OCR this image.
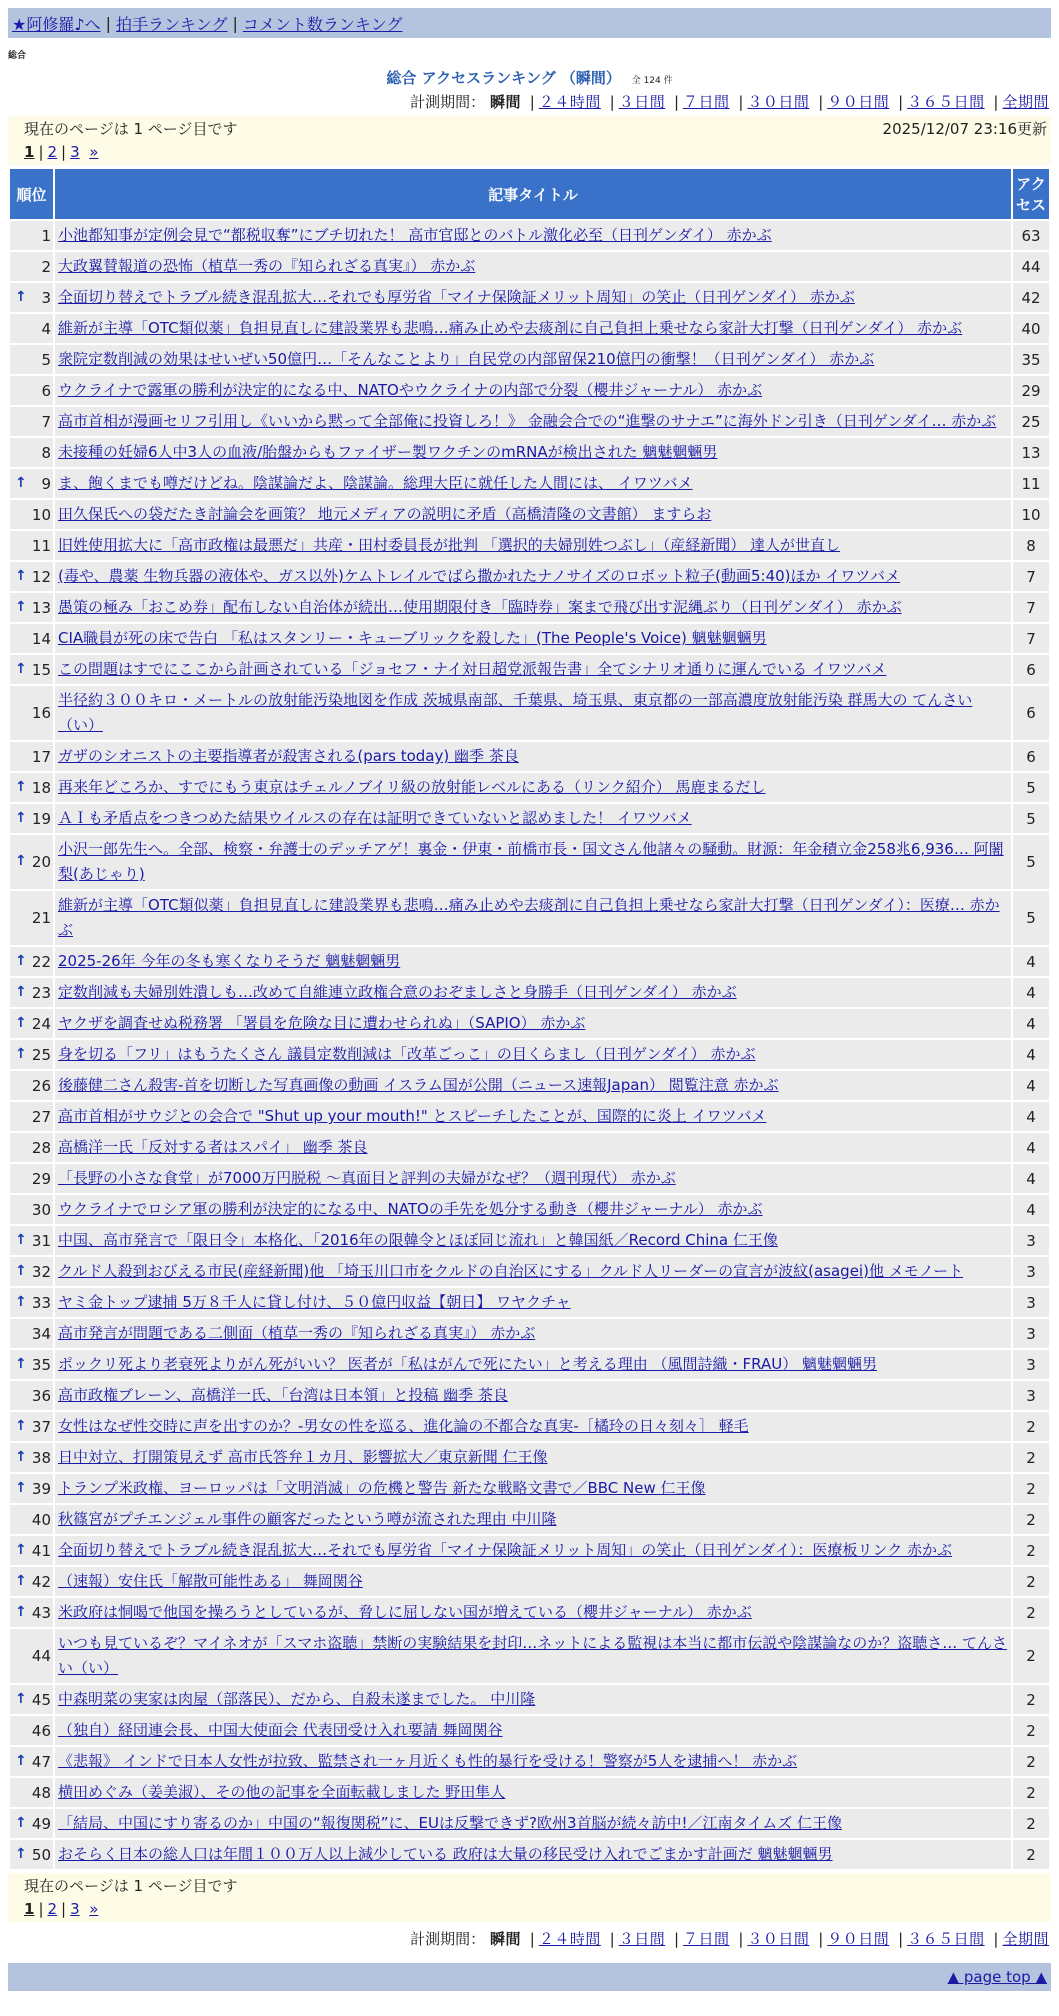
★阿修羅♪へ | 拍手ランキング | コメント数ランキング
総合
総合 アクセスランキング （瞬間） 全 124 件
計測期間： 瞬間 | ２４時間 | ３日間 | ７日間 | ３０日間 | ９０日間 | ３６５日間 | 全期間
現在のページは 1 ページ目です	2025/12/07 23:16更新
1 | 2 | 3 »
順位	記事タイトル	アクセス
1	小池都知事が定例会見で“都税収奪”にブチ切れた！ 高市官邸とのバトル激化必至（日刊ゲンダイ） 赤かぶ	63
2	大政翼賛報道の恐怖（植草一秀の『知られざる真実』） 赤かぶ	44

↑ 3	全面切り替えでトラブル続き混乱拡大…それでも厚労省「マイナ保険証メリット周知」の笑止（日刊ゲンダイ） 赤かぶ	42
4	維新が主導「OTC類似薬」負担見直しに建設業界も悲鳴…痛み止めや去痰剤に自己負担上乗せなら家計大打撃（日刊ゲンダイ） 赤かぶ	40
5	衆院定数削減の効果はせいぜい50億円…「そんなことより」自民党の内部留保210億円の衝撃！（日刊ゲンダイ） 赤かぶ	35
6	ウクライナで露軍の勝利が決定的になる中、NATOやウクライナの内部で分裂（櫻井ジャーナル） 赤かぶ	29
7	高市首相が漫画セリフ引用し《いいから黙って全部俺に投資しろ！》 金融会合での“進撃のサナエ”に海外ドン引き（日刊ゲンダイ… 赤かぶ	25
8	未接種の妊婦6人中3人の血液/胎盤からもファイザー製ワクチンのmRNAが検出された 魑魅魍魎男	13

↑ 9	ま、飽くまでも噂だけどね。陰謀論だよ、陰謀論。総理大臣に就任した人間には、 イワツバメ	11
10	田久保氏への袋だたき討論会を画策？ 地元メディアの説明に矛盾（高橋清隆の文書館） ますらお	10
11	旧姓使用拡大に「高市政権は最悪だ」共産・田村委員長が批判 「選択的夫婦別姓つぶし」（産経新聞） 達人が世直し	8

↑ 12	(毒や、農薬 生物兵器の液体や、ガス以外)ケムトレイルでばら撒かれたナノサイズのロボット粒子(動画5:40)ほか イワツバメ	7

↑ 13	愚策の極み「おこめ券」配布しない自治体が続出…使用期限付き「臨時券」案まで飛び出す泥縄ぶり（日刊ゲンダイ） 赤かぶ	7
14	CIA職員が死の床で告白 「私はスタンリー・キューブリックを殺した」(The People's Voice) 魑魅魍魎男	7

↑ 15	この問題はすでにここから計画されている「ジョセフ・ナイ対日超党派報告書」全てシナリオ通りに運んでいる イワツバメ	6
16	半径約３００キロ・メートルの放射能汚染地図を作成 茨城県南部、千葉県、埼玉県、東京都の一部高濃度放射能汚染 群馬大の てんさい（い）	6
17	ガザのシオニストの主要指導者が殺害される(pars today) 幽季 茶良	6

↑ 18	再来年どころか、すでにもう東京はチェルノブイリ級の放射能レベルにある（リンク紹介） 馬鹿まるだし	5

↑ 19	ＡＩも矛盾点をつきつめた結果ウイルスの存在は証明できていないと認めました！ イワツバメ	5

↑ 20	小沢一郎先生へ。全部、検察・弁護士のデッチアゲ！裏金・伊東・前橋市長・国文さん他諸々の騒動。財源：年金積立金258兆6,936… 阿闍梨(あじゃり)	5
21	維新が主導「OTC類似薬」負担見直しに建設業界も悲鳴…痛み止めや去痰剤に自己負担上乗せなら家計大打撃（日刊ゲンダイ）：医療… 赤かぶ	5

↑ 22	2025-26年 今年の冬も寒くなりそうだ 魑魅魍魎男	4

↑ 23	定数削減も夫婦別姓潰しも…改めて自維連立政権合意のおぞましさと身勝手（日刊ゲンダイ） 赤かぶ	4

↑ 24	ヤクザを調査せぬ税務署 「署員を危険な目に遭わせられぬ」（SAPIO） 赤かぶ	4

↑ 25	身を切る「フリ」はもうたくさん 議員定数削減は「改革ごっこ」の目くらまし（日刊ゲンダイ） 赤かぶ	4
26	後藤健二さん殺害-首を切断した写真画像の動画 イスラム国が公開（ニュース速報Japan） 閲覧注意 赤かぶ	4
27	高市首相がサウジとの会合で "Shut up your mouth!" とスピーチしたことが、国際的に炎上 イワツバメ	4
28	高橋洋一氏「反対する者はスパイ」 幽季 茶良	4
29	「長野の小さな食堂」が7000万円脱税 〜真面目と評判の夫婦がなぜ？（週刊現代） 赤かぶ	4
30	ウクライナでロシア軍の勝利が決定的になる中、NATOの手先を処分する動き（櫻井ジャーナル） 赤かぶ	4

↑ 31	中国、高市発言で「限日令」本格化、「2016年の限韓令とほぼ同じ流れ」と韓国紙／Record China 仁王像	3

↑ 32	クルド人殺到おびえる市民(産経新聞)他 「埼玉川口市をクルドの自治区にする」クルド人リーダーの宣言が波紋(asagei)他 メモノート	3

↑ 33	ヤミ金トップ逮捕 5万８千人に貸し付け、５０億円収益【朝日】 ワヤクチャ	3
34	高市発言が問題である二側面（植草一秀の『知られざる真実』） 赤かぶ	3

↑ 35	ポックリ死より老衰死よりがん死がいい？ 医者が「私はがんで死にたい」と考える理由 （風間詩織・FRAU） 魑魅魍魎男	3
36	高市政権ブレーン、高橋洋一氏、「台湾は日本領」と投稿 幽季 茶良	3

↑ 37	女性はなぜ性交時に声を出すのか？-男女の性を巡る、進化論の不都合な真実-［橘玲の日々刻々］ 軽毛	2

↑ 38	日中対立、打開策見えず 高市氏答弁１カ月、影響拡大／東京新聞 仁王像	2

↑ 39	トランプ米政権、ヨーロッパは「文明消滅」の危機と警告 新たな戦略文書で／BBC New 仁王像	2
40	秋篠宮がプチエンジェル事件の顧客だったという噂が流された理由 中川隆	2

↑ 41	全面切り替えでトラブル続き混乱拡大…それでも厚労省「マイナ保険証メリット周知」の笑止（日刊ゲンダイ）：医療板リンク 赤かぶ	2

↑ 42	（速報）安住氏「解散可能性ある」 舞岡関谷	2

↑ 43	米政府は恫喝で他国を操ろうとしているが、脅しに屈しない国が増えている（櫻井ジャーナル） 赤かぶ	2
44	いつも見ているぞ？マイネオが「スマホ盗聴」禁断の実験結果を封印…ネットによる監視は本当に都市伝説や陰謀論なのか？盗聴さ… てんさい（い）	2

↑ 45	中森明菜の実家は肉屋（部落民）、だから、自殺未遂までした。 中川隆	2
46	（独自）経団連会長、中国大使面会 代表団受け入れ要請 舞岡関谷	2

↑ 47	《悲報》 インドで日本人女性が拉致、監禁され一ヶ月近くも性的暴行を受ける！警察が5人を逮捕へ！ 赤かぶ	2
48	横田めぐみ（姜美淑）、その他の記事を全面転載しました 野田隼人	2

↑ 49	「結局、中国にすり寄るのか」中国の“報復関税”に、EUは反撃できず?欧州3首脳が続々訪中!／江南タイムズ 仁王像	2

↑ 50	おそらく日本の総人口は年間１００万人以上減少している 政府は大量の移民受け入れでごまかす計画だ 魑魅魍魎男	2
現在のページは 1 ページ目です
1 | 2 | 3 »
計測期間： 瞬間 | ２４時間 | ３日間 | ７日間 | ３０日間 | ９０日間 | ３６５日間 | 全期間
▲ page top ▲
